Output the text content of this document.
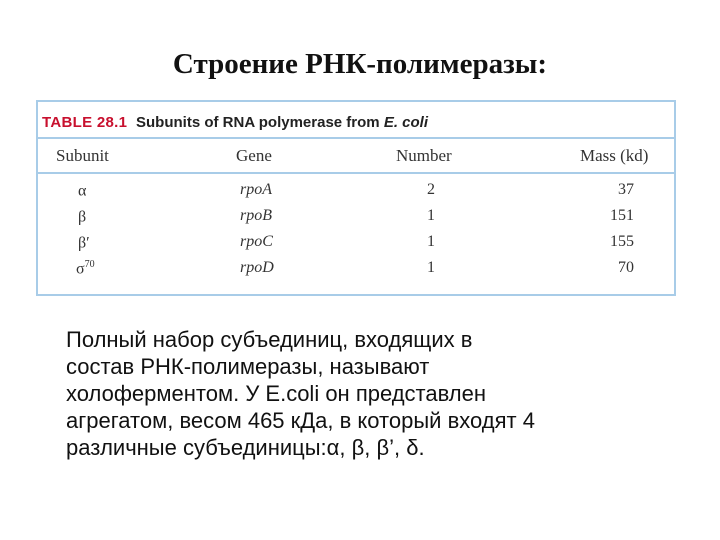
Строение РНК-полимеразы:
TABLE 28.1 Subunits of RNA polymerase from E. coli
Subunit	Gene	Number	Mass (kd)
α	rpoA	2	37
β	rpoB	1	151
β′	rpoC	1	155
$\sigma^{70}$	rpoD	1	70
Полный набор субъединиц, входящих в
состав РНК-полимеразы, называют
холоферментом. У E.coli он представлен
агрегатом, весом 465 кДа, в который входят 4
различные субъединицы:α, β, β’, δ.
